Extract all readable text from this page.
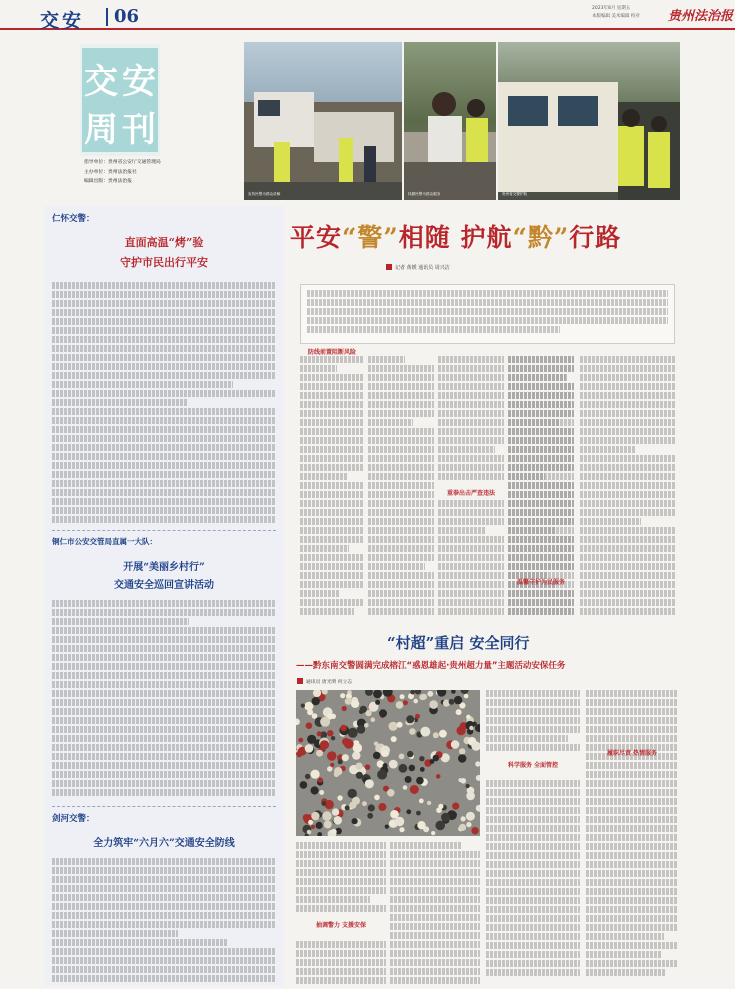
交安 06	2023年8月 星期五
本版编辑 美术编辑 校对 贵州法治报
交 安
周 刊
指导单位：贵州省公安厅交通管理局
主办单位：贵州法治报社
编辑出版：贵州法治报
宣传民警为群众讲解	执勤民警为群众服务	贵州省交警护航
平安“警”相随 护航“黔”行路
记者 黄媛 通讯员 周兴洁
防线前置阻断风险
重拳出击严查违法
温馨守护为民服务
仁怀交警：
直面高温“烤”验
守护市民出行平安
铜仁市公安交管局直属一大队：
开展“美丽乡村行”
交通安全巡回宣讲活动
剑河交警：
全力筑牢“六月六”交通安全防线
“村超”重启 安全同行
——黔东南交警圆满完成榕江“惑恩雄起·贵州超力量”主题活动安保任务
通讯员 唐光明 何立志
抽调警力 支援安保
科学服务 全面管控
履职尽责 热情服务
